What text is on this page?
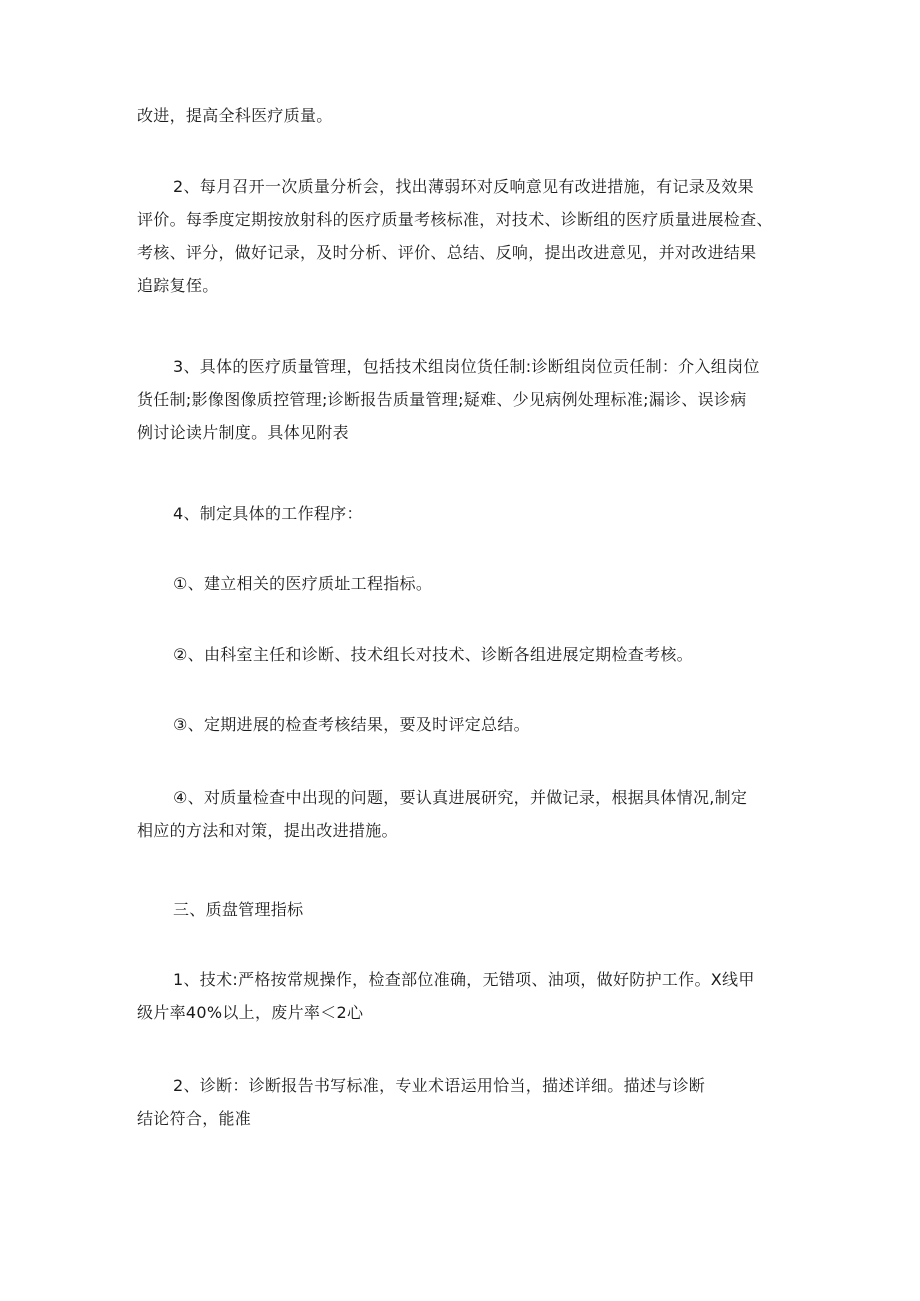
改进，提高全科医疗质量。

2、每月召开一次质量分析会，找出薄弱环对反响意见有改进措施，有记录及效果
评价。每季度定期按放射科的医疗质量考核标准，对技术、诊断组的医疗质量进展检查、
考核、评分，做好记录，及时分析、评价、总结、反响，提出改进意见，并对改进结果
追踪复侄。

3、具体的医疗质量管理，包括技术组岗位货任制:诊断组岗位贡任制：介入组岗位
货任制;影像图像质控管理;诊断报告质量管理;疑难、少见病例处理标准;漏诊、误诊病
例讨论读片制度。具体见附表

4、制定具体的工作程序：

①、建立相关的医疗质址工程指标。

②、由科室主任和诊断、技术组长对技术、诊断各组进展定期检查考核。

③、定期进展的检查考核结果，要及时评定总结。

④、对质量检查中出现的问题，要认真进展研究，并做记录，根据具体情况,制定
相应的方法和对策，提出改进措施。

三、质盘管理指标

1、技术:严格按常规操作，检查部位准确，无错项、油项，做好防护工作。X线甲
级片率40%以上，废片率＜2心

2、诊断：诊断报告书写标准，专业术语运用恰当，描述详细。描述与诊断
结论符合，能准
